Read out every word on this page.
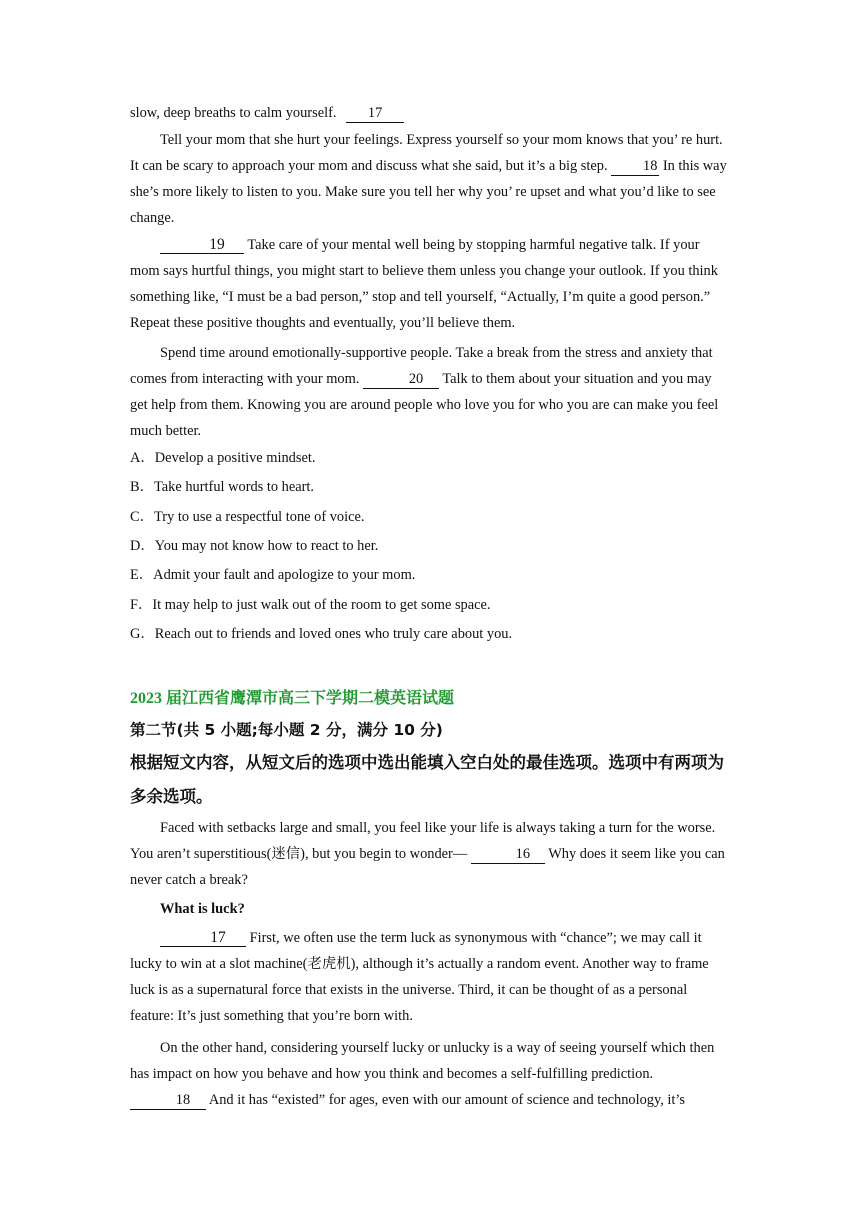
slow, deep breaths to calm yourself. 17
Tell your mom that she hurt your feelings. Express yourself so your mom knows that you’ re hurt. It can be scary to approach your mom and discuss what she said, but it’s a big step. 18 In this way she’s more likely to listen to you. Make sure you tell her why you’ re upset and what you’d like to see change.
19 Take care of your mental well being by stopping harmful negative talk. If your mom says hurtful things, you might start to believe them unless you change your outlook. If you think something like, “I must be a bad person,” stop and tell yourself, “Actually, I’m quite a good person.” Repeat these positive thoughts and eventually, you’ll believe them.
Spend time around emotionally-supportive people. Take a break from the stress and anxiety that comes from interacting with your mom.	20 Talk to them about your situation and you may get help from them. Knowing you are around people who love you for who you are can make you feel much better.
A．Develop a positive mindset.
B．Take hurtful words to heart.
C．Try to use a respectful tone of voice.
D．You may not know how to react to her.
E．Admit your fault and apologize to your mom.
F．It may help to just walk out of the room to get some space.
G．Reach out to friends and loved ones who truly care about you.
2023 届江西省鹰潭市高三下学期二模英语试题
第二节(共 5 小题;每小题 2 分，满分 10 分)
根据短文内容，从短文后的选项中选出能填入空白处的最佳选项。选项中有两项为多余选项。
Faced with setbacks large and small, you feel like your life is always taking a turn for the worse. You aren’t superstitious(迷信), but you begin to wonder—	16 Why does it seem like you can never catch a break?
What is luck?
17 First, we often use the term luck as synonymous with “chance”; we may call it lucky to win at a slot machine(老虎机), although it’s actually a random event. Another way to frame luck is as a supernatural force that exists in the universe. Third, it can be thought of as a personal feature: It’s just something that you’re born with.
On the other hand, considering yourself lucky or unlucky is a way of seeing yourself which then has impact on how you behave and how you think and becomes a self-fulfilling prediction. 18 And it has “existed” for ages, even with our amount of science and technology, it’s
